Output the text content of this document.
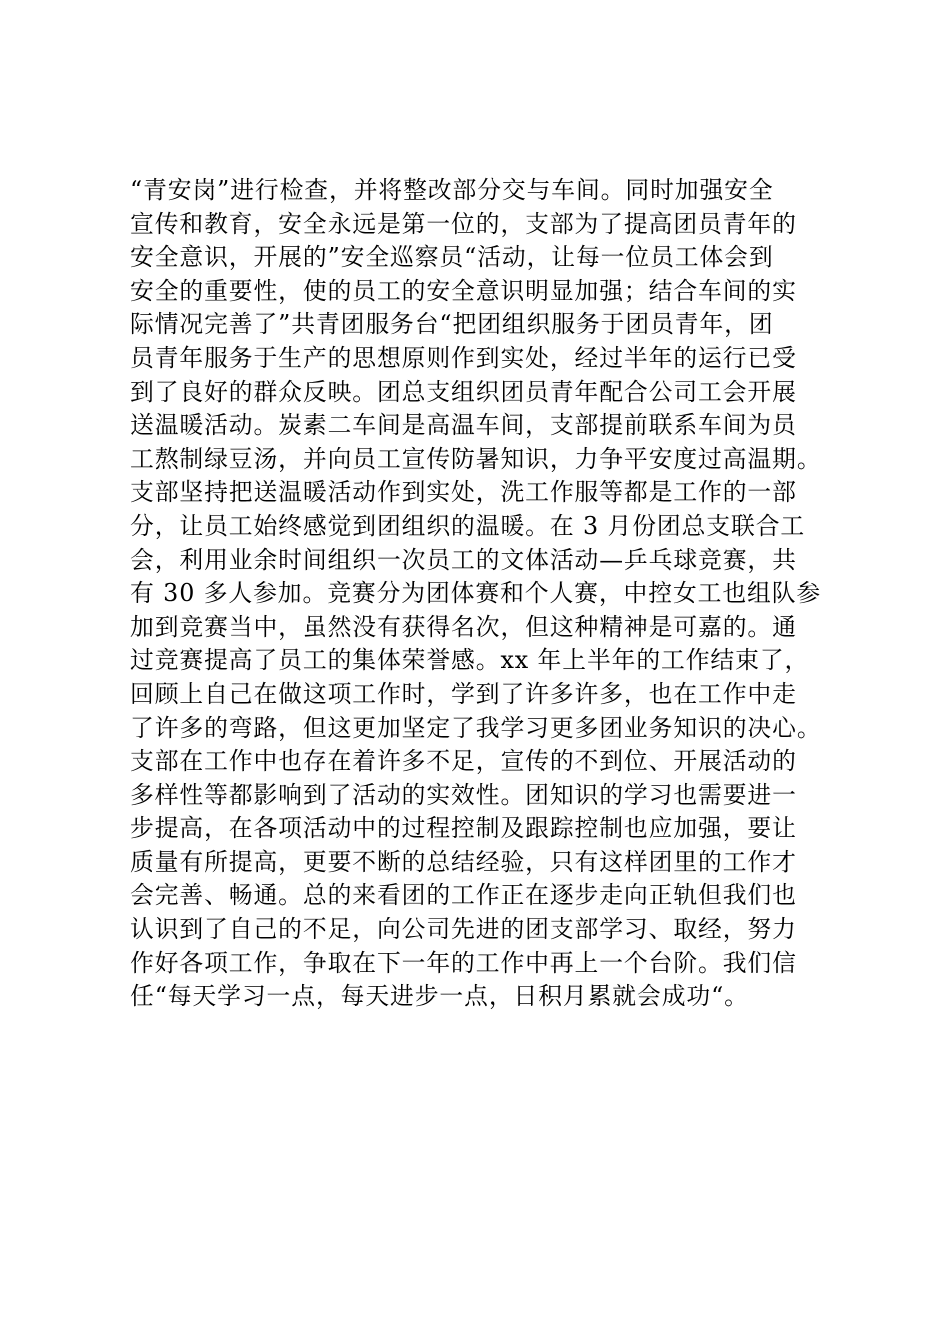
“青安岗”进行检查，并将整改部分交与车间。同时加强安全
宣传和教育，安全永远是第一位的，支部为了提高团员青年的
安全意识，开展的”安全巡察员“活动，让每一位员工体会到
安全的重要性，使的员工的安全意识明显加强；结合车间的实
际情况完善了”共青团服务台“把团组织服务于团员青年，团
员青年服务于生产的思想原则作到实处，经过半年的运行已受
到了良好的群众反映。团总支组织团员青年配合公司工会开展
送温暖活动。炭素二车间是高温车间，支部提前联系车间为员
工熬制绿豆汤，并向员工宣传防暑知识，力争平安度过高温期。
支部坚持把送温暖活动作到实处，洗工作服等都是工作的一部
分，让员工始终感觉到团组织的温暖。在 3 月份团总支联合工
会，利用业余时间组织一次员工的文体活动—乒乓球竞赛，共
有 30 多人参加。竞赛分为团体赛和个人赛，中控女工也组队参
加到竞赛当中，虽然没有获得名次，但这种精神是可嘉的。通
过竞赛提高了员工的集体荣誉感。xx 年上半年的工作结束了，
回顾上自己在做这项工作时，学到了许多许多，也在工作中走
了许多的弯路，但这更加坚定了我学习更多团业务知识的决心。
支部在工作中也存在着许多不足，宣传的不到位、开展活动的
多样性等都影响到了活动的实效性。团知识的学习也需要进一
步提高，在各项活动中的过程控制及跟踪控制也应加强，要让
质量有所提高，更要不断的总结经验，只有这样团里的工作才
会完善、畅通。总的来看团的工作正在逐步走向正轨但我们也
认识到了自己的不足，向公司先进的团支部学习、取经，努力
作好各项工作，争取在下一年的工作中再上一个台阶。我们信
任“每天学习一点，每天进步一点，日积月累就会成功“。
